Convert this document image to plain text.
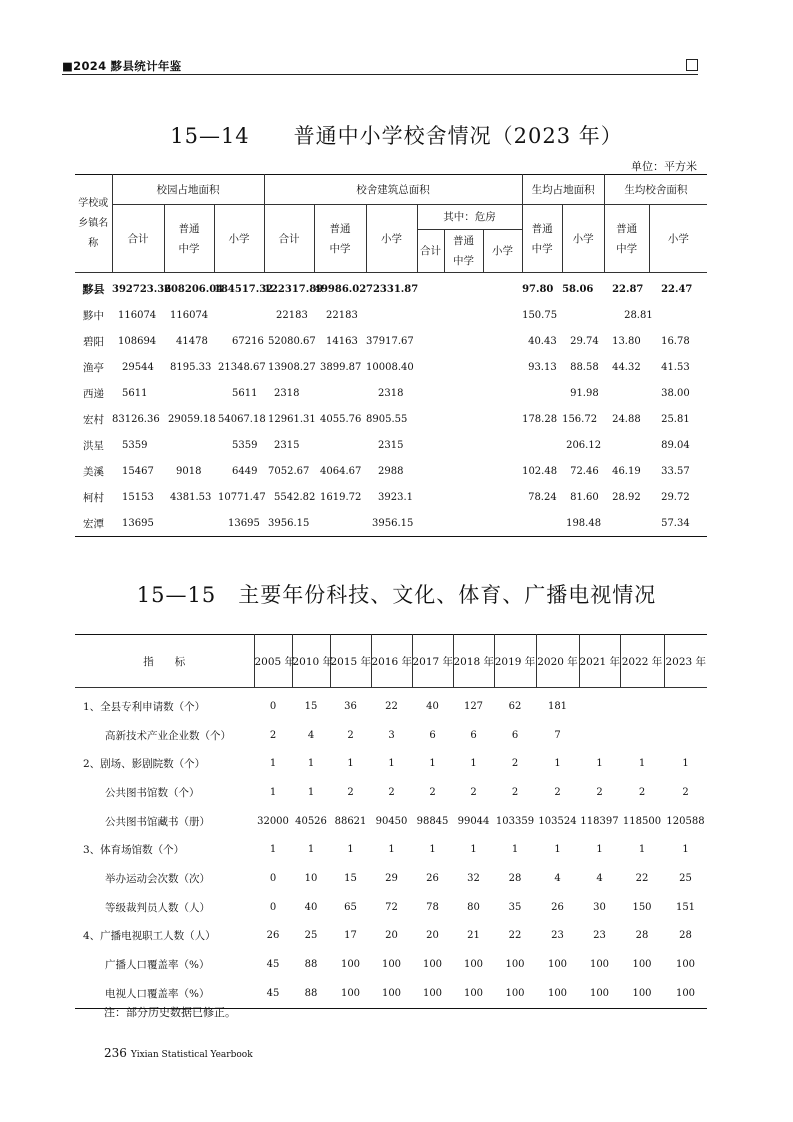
■2024 黟县统计年鉴
15—14　　普通中小学校舍情况（2023 年）
单位：平方米
学校或乡镇名称	校园占地面积			校舍建筑总面积						生均占地面积		生均校舍面积	
	合计	普通中学	小学	合计	普通中学	小学	其中：危房			普通中学	小学	普通中学	小学
							合计	普通中学	小学				
黟县	392723.36	208206.04	184517.32	122317.89	49986.02	72331.87				97.80	58.06	22.87	22.47
黟中	116074	116074		22183	22183					150.75		28.81	
碧阳	108694	41478	67216	52080.67	14163	37917.67				40.43	29.74	13.80	16.78
渔亭	29544	8195.33	21348.67	13908.27	3899.87	10008.40				93.13	88.58	44.32	41.53
西递	5611		5611	2318		2318					91.98		38.00
宏村	83126.36	29059.18	54067.18	12961.31	4055.76	8905.55				178.28	156.72	24.88	25.81
洪星	5359		5359	2315		2315					206.12		89.04
美溪	15467	9018	6449	7052.67	4064.67	2988				102.48	72.46	46.19	33.57
柯村	15153	4381.53	10771.47	5542.82	1619.72	3923.1				78.24	81.60	28.92	29.72
宏潭	13695		13695	3956.15		3956.15					198.48		57.34
15—15　主要年份科技、文化、体育、广播电视情况
指　　标	2005 年	2010 年	2015 年	2016 年	2017 年	2018 年	2019 年	2020 年	2021 年	2022 年	2023 年
1、全县专利申请数（个）	0	15	36	22	40	127	62	181			
高新技术产业企业数（个）	2	4	2	3	6	6	6	7			
2、剧场、影剧院数（个）	1	1	1	1	1	1	2	1	1	1	1
公共图书馆数（个）	1	1	2	2	2	2	2	2	2	2	2
公共图书馆藏书（册）	32000	40526	88621	90450	98845	99044	103359	103524	118397	118500	120588
3、体育场馆数（个）	1	1	1	1	1	1	1	1	1	1	1
举办运动会次数（次）	0	10	15	29	26	32	28	4	4	22	25
等级裁判员人数（人）	0	40	65	72	78	80	35	26	30	150	151
4、广播电视职工人数（人）	26	25	17	20	20	21	22	23	23	28	28
广播人口覆盖率（%）	45	88	100	100	100	100	100	100	100	100	100
电视人口覆盖率（%）	45	88	100	100	100	100	100	100	100	100	100
注：部分历史数据已修正。
236 Yixian Statistical Yearbook
